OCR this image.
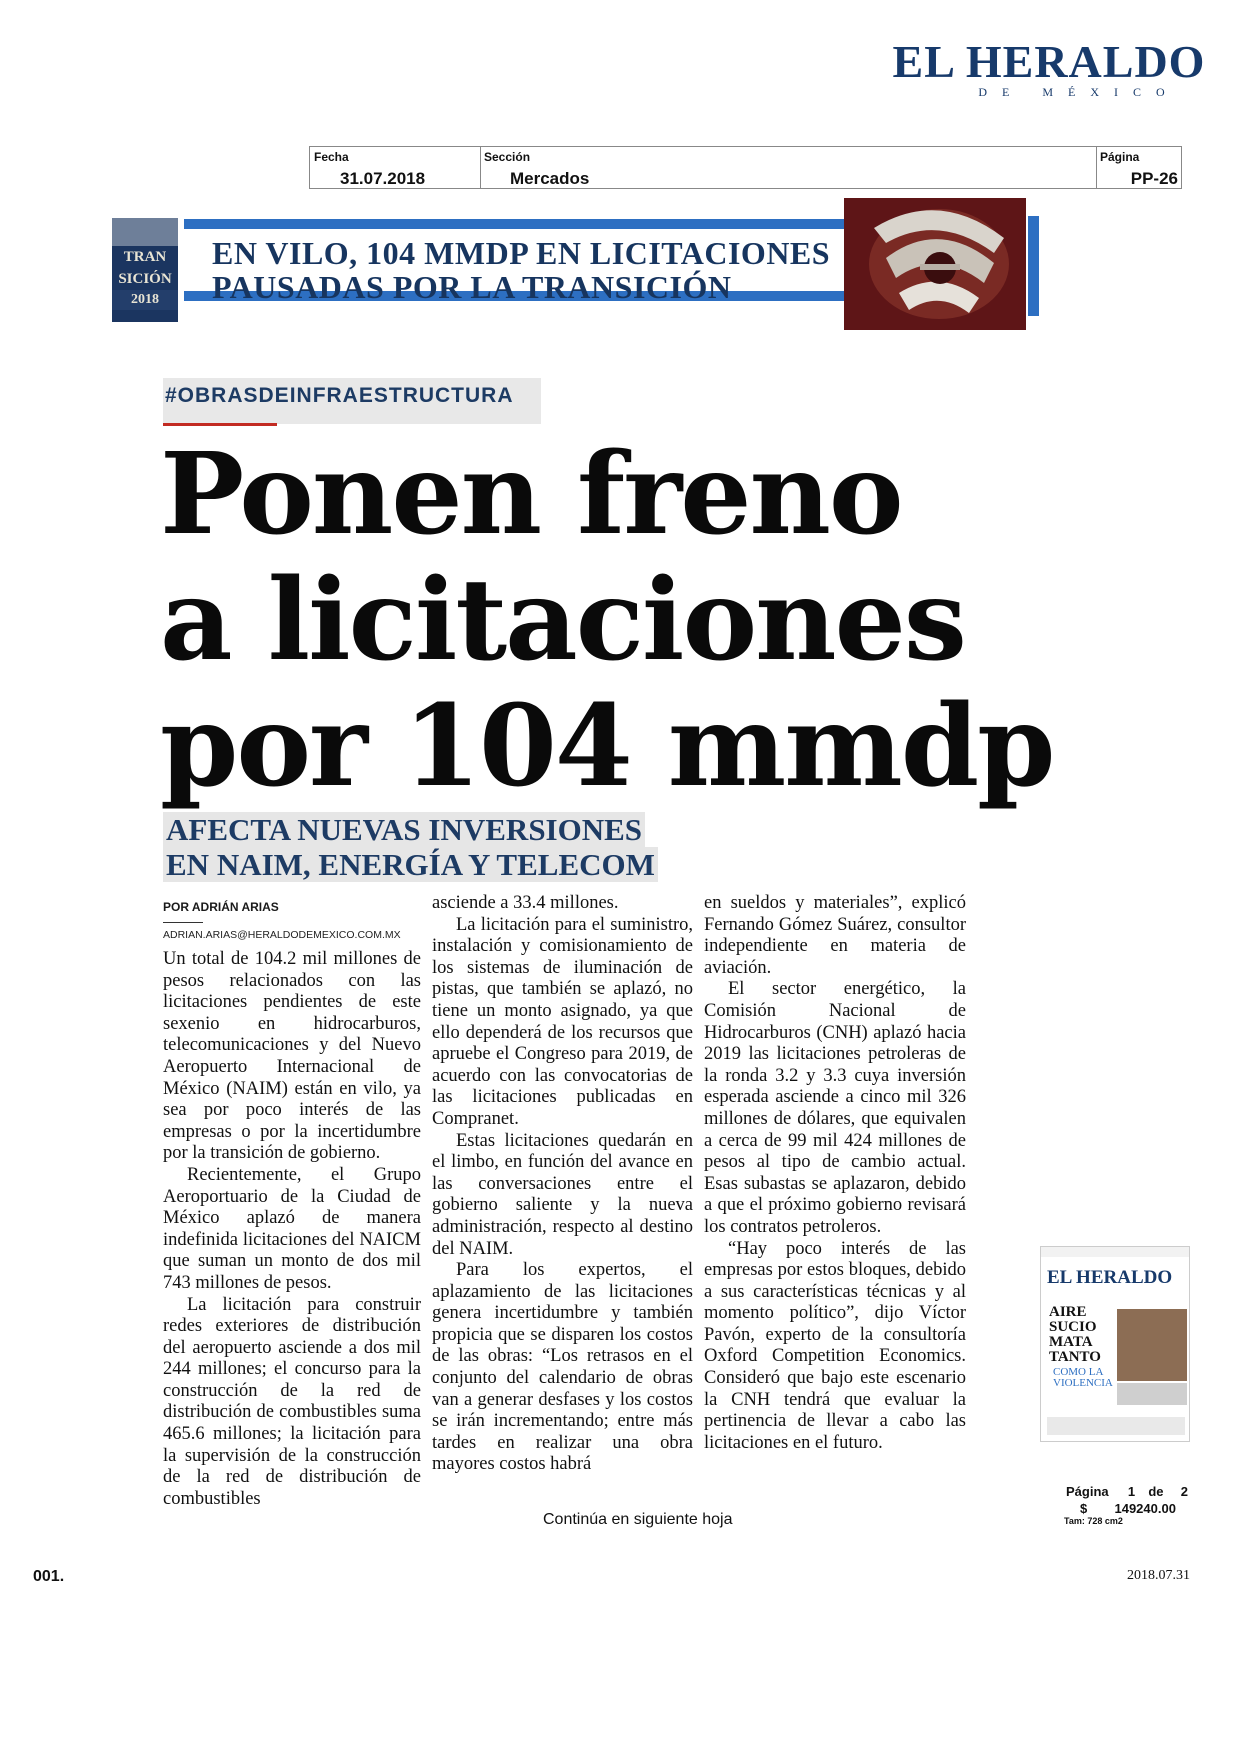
EL HERALDO
DE MÉXICO
Fecha
31.07.2018
Sección
Mercados
Página
PP-26
TRAN
SICIÓN
2018
EN VILO, 104 MMDP EN LICITACIONES
PAUSADAS POR LA TRANSICIÓN
#OBRASDEINFRAESTRUCTURA
Ponen freno
a licitaciones
por 104 mmdp
AFECTA NUEVAS INVERSIONES
EN NAIM, ENERGÍA Y TELECOM
POR ADRIÁN ARIAS
ADRIAN.ARIAS@HERALDODEMEXICO.COM.MX

Un total de 104.2 mil millones de pesos relacionados con las licitaciones pendientes de este sexenio en hidrocarburos, telecomunicaciones y del Nuevo Aeropuerto Internacional de México (NAIM) están en vilo, ya sea por poco interés de las empresas o por la incertidumbre por la transición de gobierno.

Recientemente, el Grupo Aeroportuario de la Ciudad de México aplazó de manera indefinida licitaciones del NAICM que suman un monto de dos mil 743 millones de pesos.

La licitación para construir redes exteriores de distribución del aeropuerto asciende a dos mil 244 millones; el concurso para la construcción de la red de distribución de combustibles suma 465.6 millones; la licitación para la supervisión de la construcción de la red de distribución de combustibles

asciende a 33.4 millones.

La licitación para el suministro, instalación y comisionamiento de los sistemas de iluminación de pistas, que también se aplazó, no tiene un monto asignado, ya que ello dependerá de los recursos que apruebe el Congreso para 2019, de acuerdo con las convocatorias de las licitaciones publicadas en Compranet.

Estas licitaciones quedarán en el limbo, en función del avance en las conversaciones entre el gobierno saliente y la nueva administración, respecto al destino del NAIM.

Para los expertos, el aplazamiento de las licitaciones genera incertidumbre y también propicia que se disparen los costos de las obras: “Los retrasos en el conjunto del calendario de obras van a generar desfases y los costos se irán incrementando; entre más tardes en realizar una obra mayores costos habrá

en sueldos y materiales”, explicó Fernando Gómez Suárez, consultor independiente en materia de aviación.

El sector energético, la Comisión Nacional de Hidrocarburos (CNH) aplazó hacia 2019 las licitaciones petroleras de la ronda 3.2 y 3.3 cuya inversión esperada asciende a cinco mil 326 millones de dólares, que equivalen a cerca de 99 mil 424 millones de pesos al tipo de cambio actual. Esas subastas se aplazaron, debido a que el próximo gobierno revisará los contratos petroleros.

“Hay poco interés de las empresas por estos bloques, debido a sus características técnicas y al momento político”, dijo Víctor Pavón, experto de la consultoría Oxford Competition Economics. Consideró que bajo este escenario la CNH tendrá que evaluar la pertinencia de llevar a cabo las licitaciones en el futuro.

Continúa en siguiente hoja
EL HERALDO
AIRE SUCIO MATA TANTO
COMO LA VIOLENCIA
Página 1 de 2
$ 149240.00
Tam: 728 cm2
001.	2018.07.31
